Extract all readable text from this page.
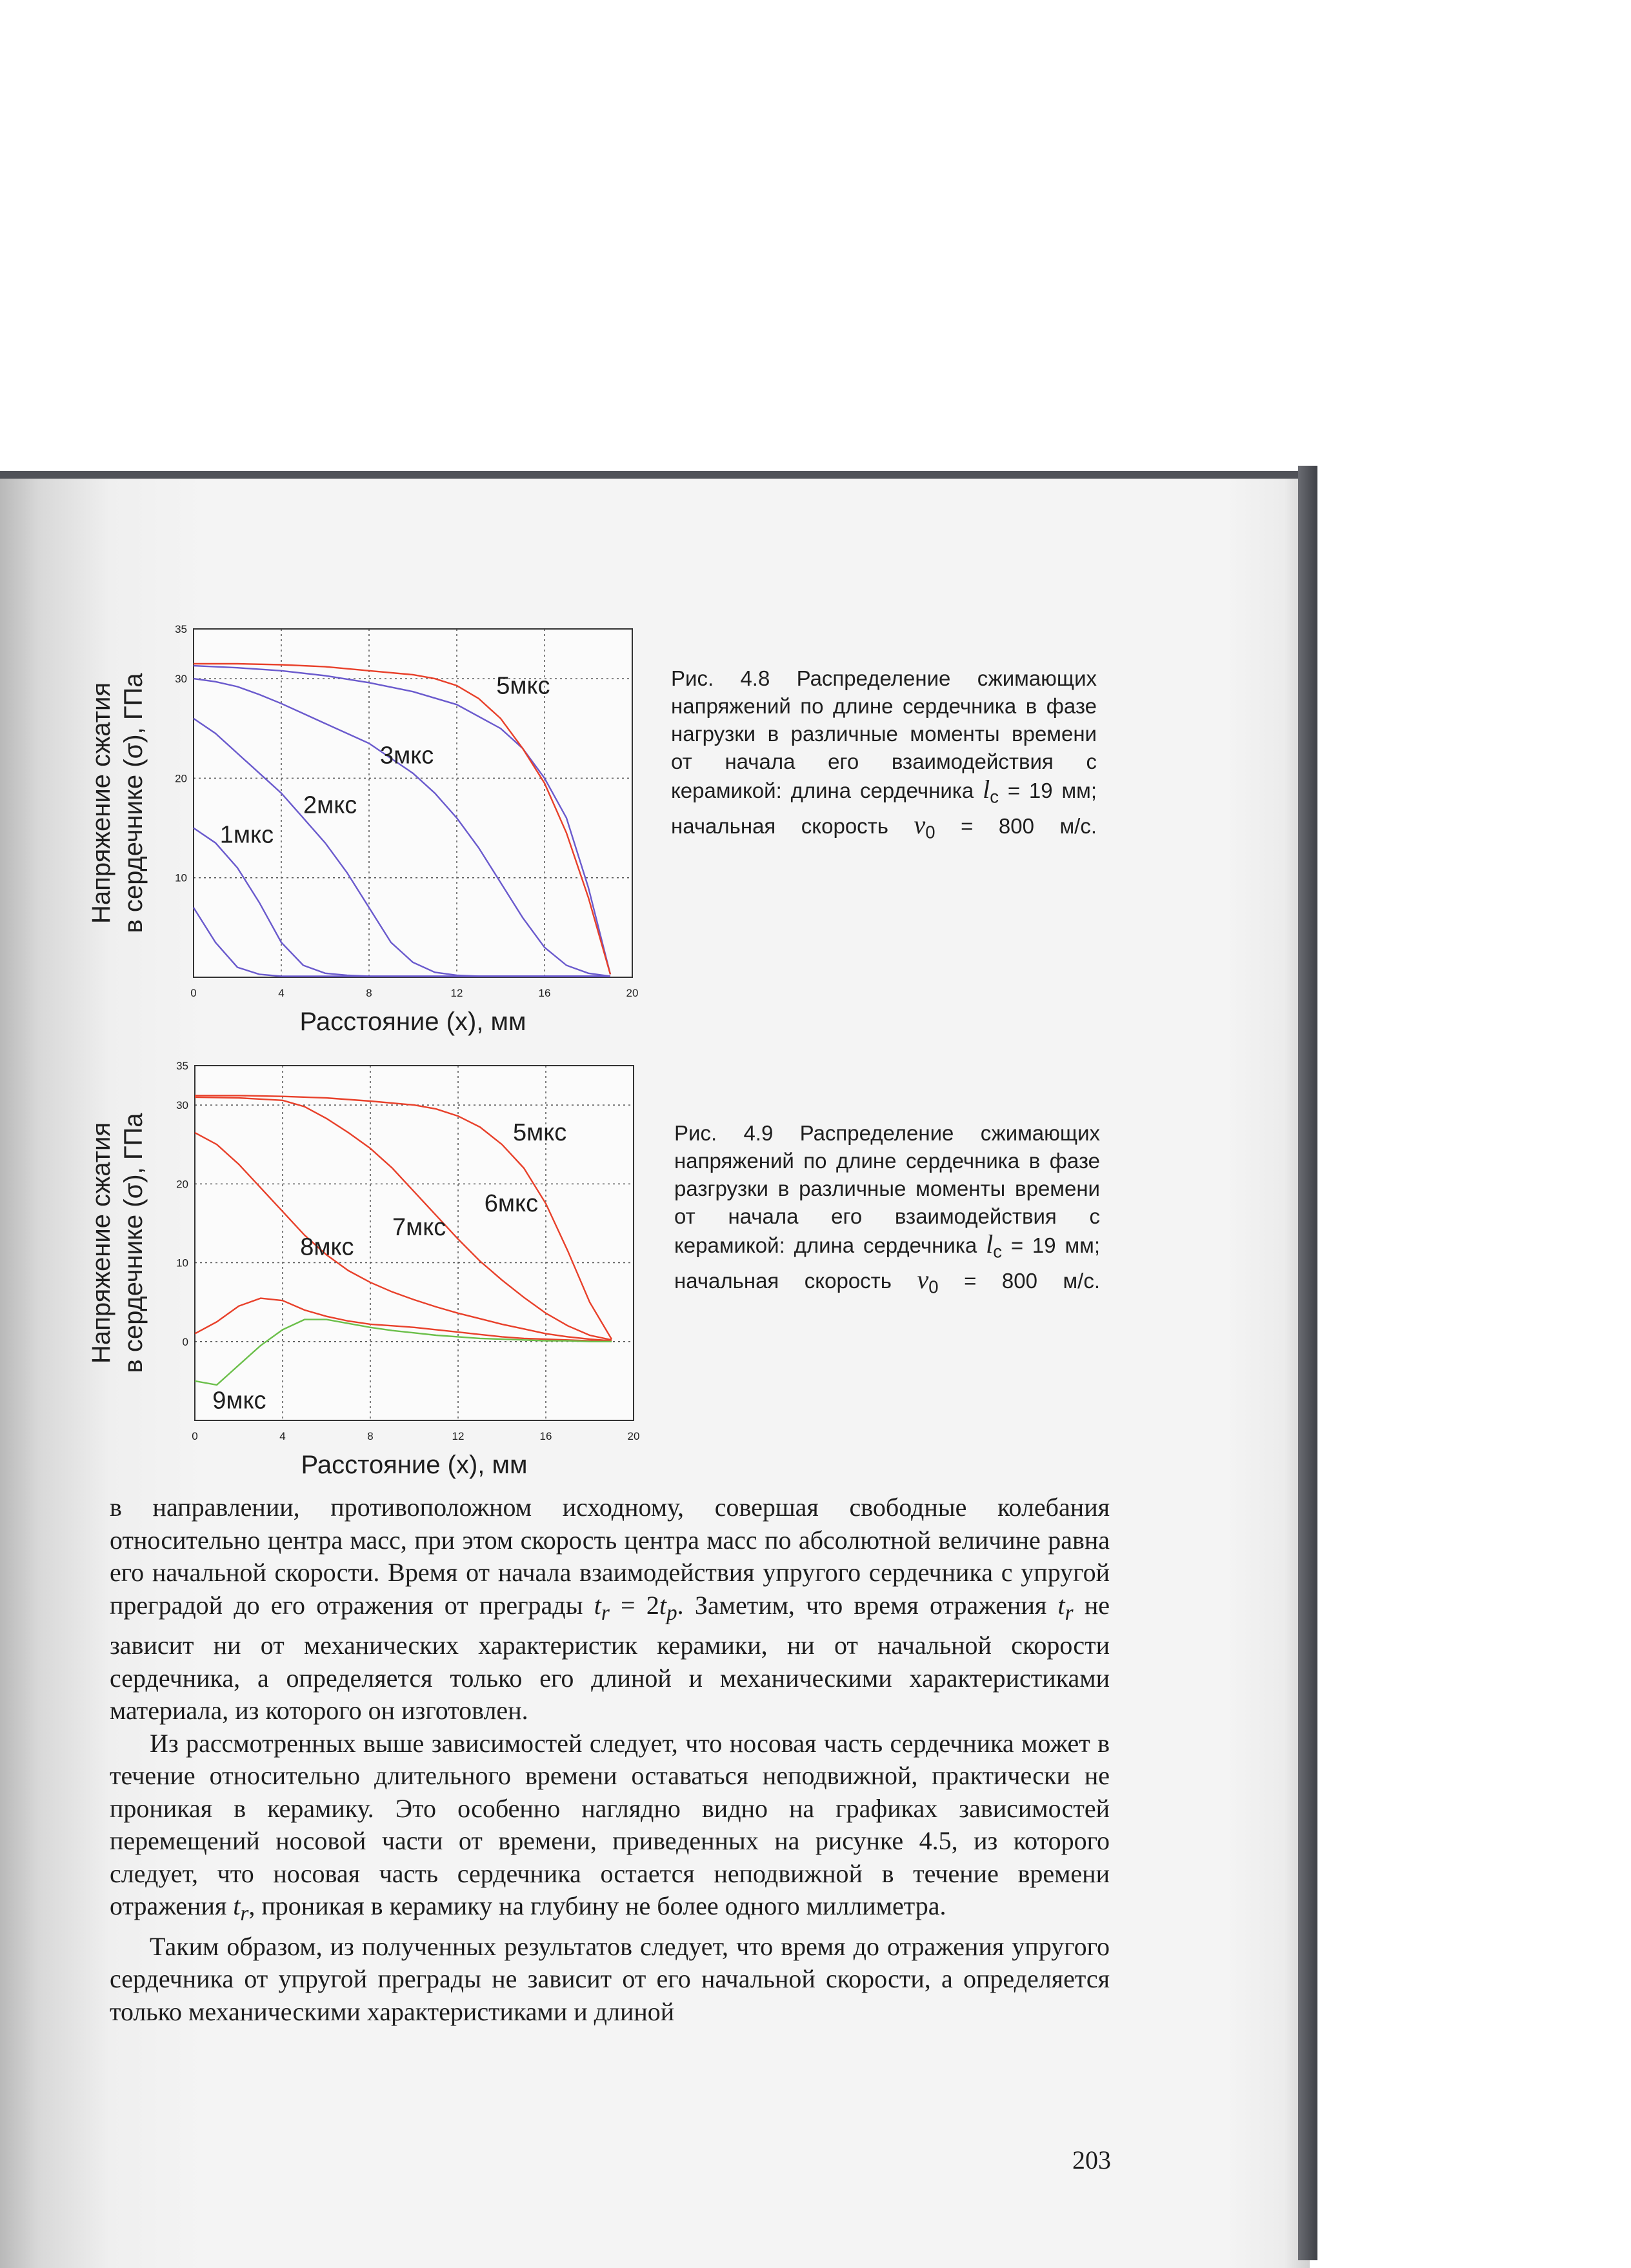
0	4	8	12	16	20
10
20
30
35
1мкс
2мкс
3мкс
5мкс
Расстояние (x), мм
Напряжение сжатия в сердечнике (σ), ГПа	Рис. 4.8 Распределение сжимающих напряжений по длине сердечника в фазе нагрузки в различные моменты времени от начала его взаимодействия с керамикой: длина сердечника $l_c = 19$ мм; начальная скорость $v_0 = 800$ м/с.
0	4	8	12	16	20
0
10
20
30
35
5мкс
6мкс
7мкс
8мкс
9мкс
Расстояние (x), мм
Напряжение сжатия в сердечнике (σ), ГПа	Рис. 4.9 Распределение сжимающих напряжений по длине сердечника в фазе разгрузки в различные моменты времени от начала его взаимодействия с керамикой: длина сердечника $l_c = 19$ мм; начальная скорость $v_0 = 800$ м/с.

в направлении, противоположном исходному, совершая свободные колебания относительно центра масс, при этом скорость центра масс по абсолютной величине равна его начальной скорости. Время от начала взаимодействия упругого сердечника с упругой преградой до его отражения от преграды $t_r = 2t_p$. Заметим, что время отражения $t_r$ не зависит ни от механических характеристик керамики, ни от начальной скорости сердечника, а определяется только его длиной и механическими характеристиками материала, из которого он изготовлен.

Из рассмотренных выше зависимостей следует, что носовая часть сердечника может в течение относительно длительного времени оставаться неподвижной, практически не проникая в керамику. Это особенно наглядно видно на графиках зависимостей перемещений носовой части от времени, приведенных на рисунке 4.5, из которого следует, что носовая часть сердечника остается неподвижной в течение времени отражения $t_r$, проникая в керамику на глубину не более одного миллиметра.

Таким образом, из полученных результатов следует, что время до отражения упругого сердечника от упругой преграды не зависит от его начальной скорости, а определяется только механическими характеристиками и длиной

203
